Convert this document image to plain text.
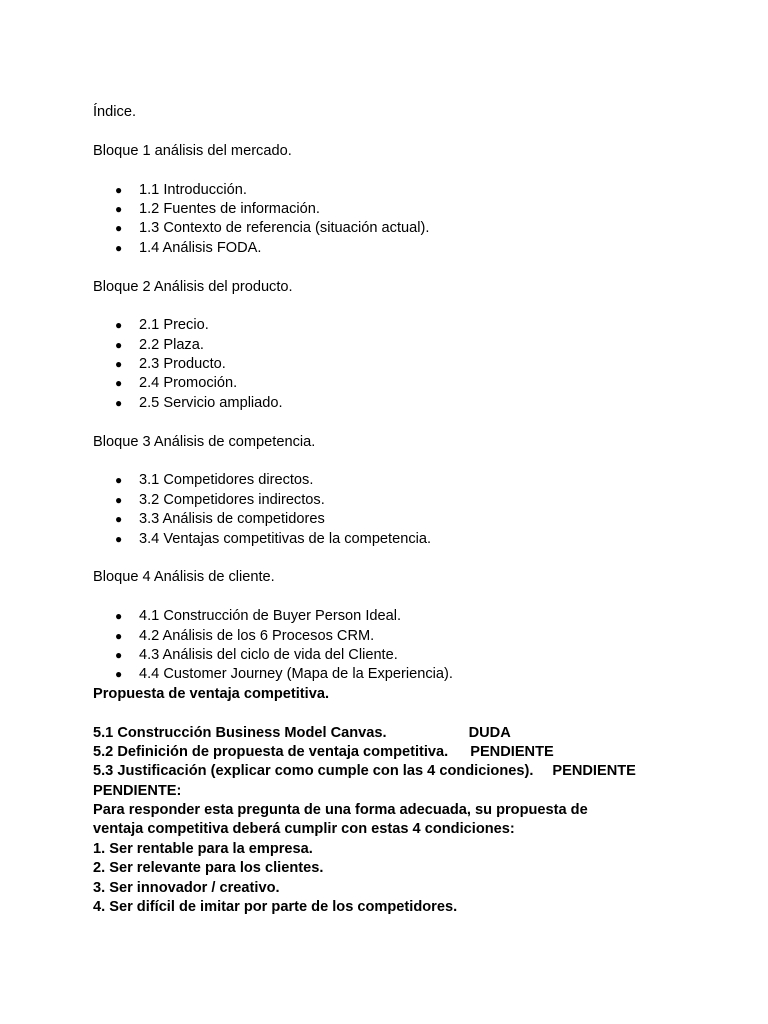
Índice.
Bloque 1 análisis del mercado.
● 1.1 Introducción.
● 1.2 Fuentes de información.
● 1.3 Contexto de referencia (situación actual).
● 1.4 Análisis FODA.
Bloque 2 Análisis del producto.
● 2.1 Precio.
● 2.2 Plaza.
● 2.3 Producto.
● 2.4 Promoción.
● 2.5 Servicio ampliado.
Bloque 3 Análisis de competencia.
● 3.1 Competidores directos.
● 3.2 Competidores indirectos.
● 3.3 Análisis de competidores
● 3.4 Ventajas competitivas de la competencia.
Bloque 4 Análisis de cliente.
● 4.1 Construcción de Buyer Person Ideal.
● 4.2 Análisis de los 6 Procesos CRM.
● 4.3 Análisis del ciclo de vida del Cliente.
● 4.4 Customer Journey (Mapa de la Experiencia).
Propuesta de ventaja competitiva.
5.1 Construcción Business Model Canvas.	DUDA
5.2 Definición de propuesta de ventaja competitiva. PENDIENTE
5.3 Justificación (explicar como cumple con las 4 condiciones). PENDIENTE
PENDIENTE:
Para responder esta pregunta de una forma adecuada, su propuesta de
ventaja competitiva deberá cumplir con estas 4 condiciones:
1. Ser rentable para la empresa.
2. Ser relevante para los clientes.
3. Ser innovador / creativo.
4. Ser difícil de imitar por parte de los competidores.
